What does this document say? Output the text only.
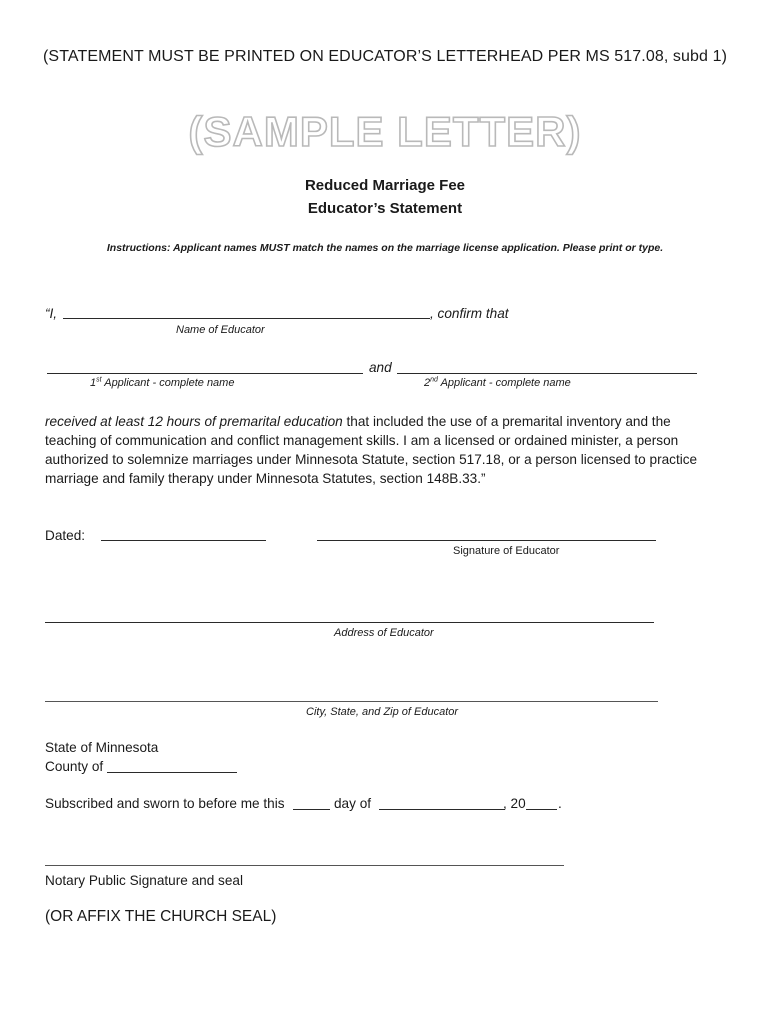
(STATEMENT MUST BE PRINTED ON EDUCATOR’S LETTERHEAD PER MS 517.08, subd 1)
(SAMPLE LETTER)
Reduced Marriage Fee
Educator’s Statement
Instructions: Applicant names MUST match the names on the marriage license application. Please print or type.
“I,	, confirm that
Name of Educator
and
1st Applicant - complete name	2nd Applicant - complete name
received at least 12 hours of premarital education that included the use of a premarital inventory and the
teaching of communication and conflict management skills. I am a licensed or ordained minister, a person
authorized to solemnize marriages under Minnesota Statute, section 517.18, or a person licensed to practice
marriage and family therapy under Minnesota Statutes, section 148B.33.”
Dated:
Signature of Educator
Address of Educator
City, State, and Zip of Educator
State of Minnesota
County of
Subscribed and sworn to before me this	day of	, 20 .
Notary Public Signature and seal
(OR AFFIX THE CHURCH SEAL)
